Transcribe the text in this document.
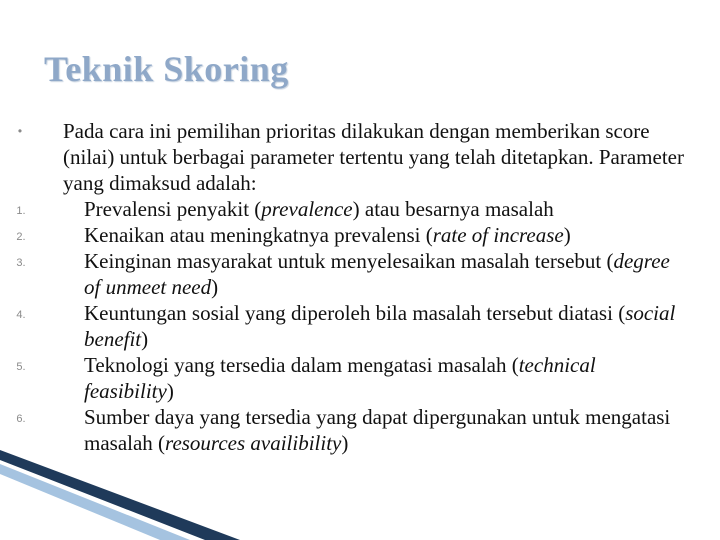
Teknik Skoring
•	Pada cara ini pemilihan prioritas dilakukan dengan memberikan score (nilai) untuk berbagai parameter tertentu yang telah ditetapkan. Parameter yang dimaksud adalah:
1.	Prevalensi penyakit (prevalence) atau besarnya masalah
2.	Kenaikan atau meningkatnya prevalensi (rate of increase)
3.	Keinginan masyarakat untuk menyelesaikan masalah tersebut (degree of unmeet need)
4.	Keuntungan sosial yang diperoleh bila masalah tersebut diatasi (social benefit)
5.	Teknologi yang tersedia dalam mengatasi masalah (technical feasibility)
6.	Sumber daya yang tersedia yang dapat dipergunakan untuk mengatasi masalah (resources availibility)
